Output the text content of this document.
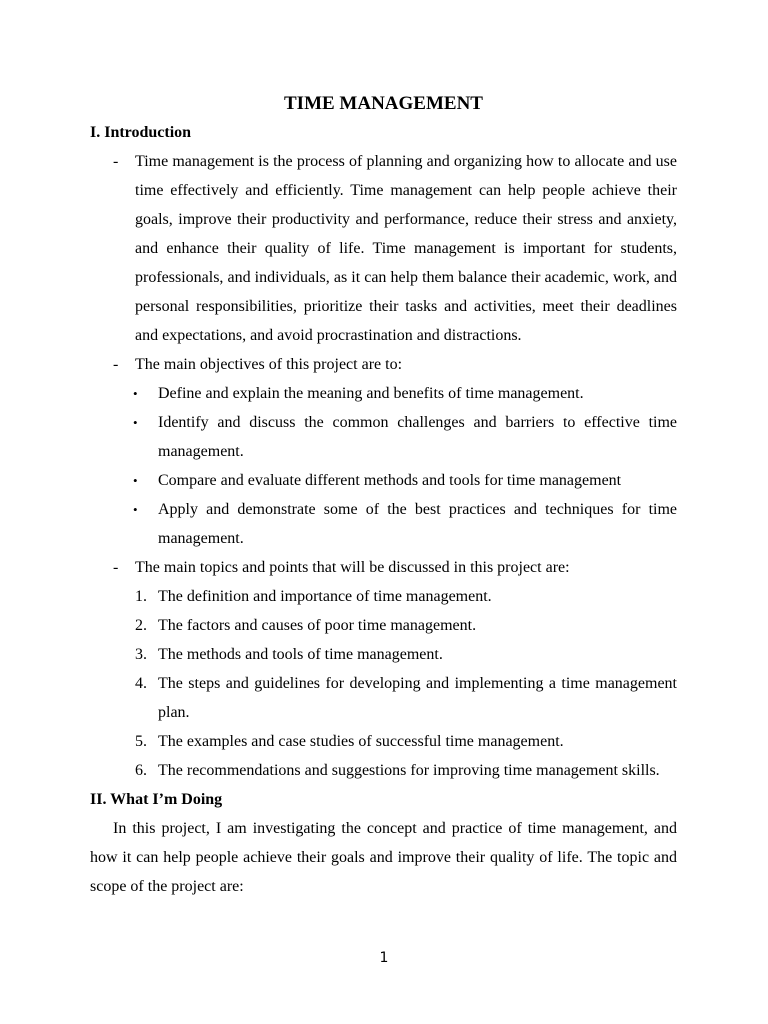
TIME MANAGEMENT

I. Introduction

- Time management is the process of planning and organizing how to allocate and use time effectively and efficiently. Time management can help people achieve their goals, improve their productivity and performance, reduce their stress and anxiety, and enhance their quality of life. Time management is important for students, professionals, and individuals, as it can help them balance their academic, work, and personal responsibilities, prioritize their tasks and activities, meet their deadlines and expectations, and avoid procrastination and distractions.
- The main objectives of this project are to:
• Define and explain the meaning and benefits of time management.
• Identify and discuss the common challenges and barriers to effective time management.
• Compare and evaluate different methods and tools for time management
• Apply and demonstrate some of the best practices and techniques for time management.
- The main topics and points that will be discussed in this project are:
1. The definition and importance of time management.
2. The factors and causes of poor time management.
3. The methods and tools of time management.
4. The steps and guidelines for developing and implementing a time management plan.
5. The examples and case studies of successful time management.
6. The recommendations and suggestions for improving time management skills.

II. What I’m Doing

In this project, I am investigating the concept and practice of time management, and how it can help people achieve their goals and improve their quality of life. The topic and scope of the project are:

1
